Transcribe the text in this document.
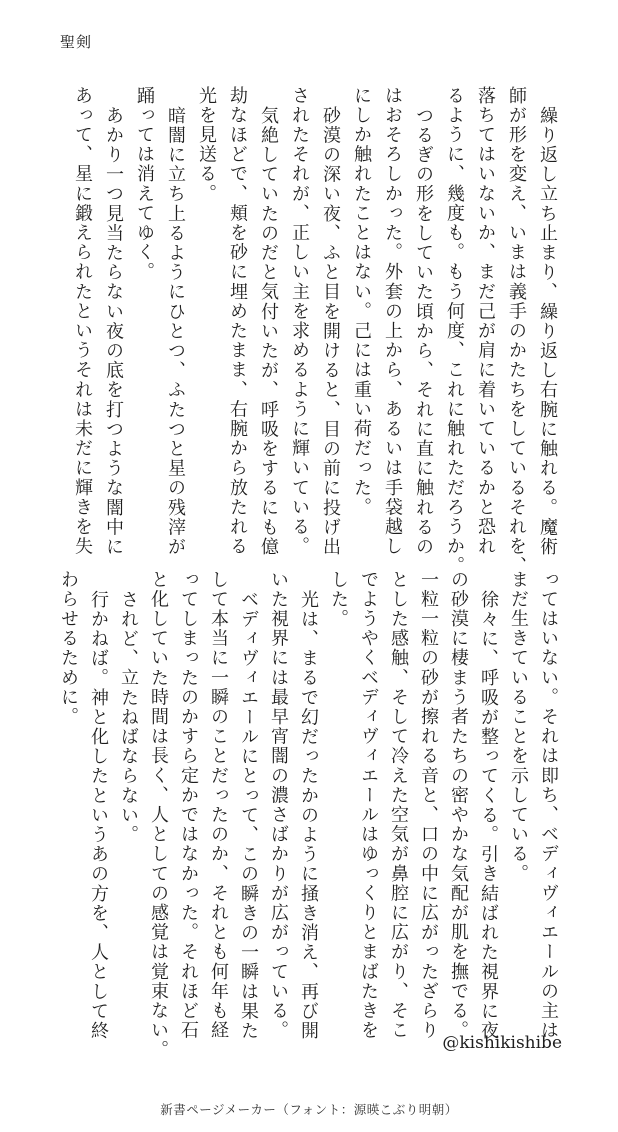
聖剣

繰り返し立ち止まり、繰り返し右腕に触れる。魔術

師が形を変え、いまは義手のかたちをしているそれを、

落ちてはいないか、まだ己が肩に着いているかと恐れ

るように、幾度も。もう何度、これに触れただろうか。

つるぎの形をしていた頃から、それに直に触れるの

はおそろしかった。外套の上から、あるいは手袋越し

にしか触れたことはない。己には重い荷だった。

砂漠の深い夜、ふと目を開けると、目の前に投げ出

されたそれが、正しい主を求めるように輝いている。

気絶していたのだと気付いたが、呼吸をするにも億

劫なほどで、頬を砂に埋めたまま、右腕から放たれる

光を見送る。

暗闇に立ち上るようにひとつ、ふたつと星の残滓が

踊っては消えてゆく。

あかり一つ見当たらない夜の底を打つような闇中に

あって、星に鍛えられたというそれは未だに輝きを失

ってはいない。それは即ち、ベディヴィエールの主は

まだ生きていることを示している。

徐々に、呼吸が整ってくる。引き結ばれた視界に夜

の砂漠に棲まう者たちの密やかな気配が肌を撫でる。

一粒一粒の砂が擦れる音と、口の中に広がったざらり

とした感触、そして冷えた空気が鼻腔に広がり、そこ

でようやくベディヴィエールはゆっくりとまばたきを

した。

光は、まるで幻だったかのように掻き消え、再び開

いた視界には最早宵闇の濃さばかりが広がっている。

ベディヴィエールにとって、この瞬きの一瞬は果た

して本当に一瞬のことだったのか、それとも何年も経

ってしまったのかすら定かではなかった。それほど石

と化していた時間は長く、人としての感覚は覚束ない。

されど、立たねばならない。

行かねば。神と化したというあの方を、人として終

わらせるために。

@kishikishibe
新書ページメーカー（フォント：源暎こぶり明朝）
